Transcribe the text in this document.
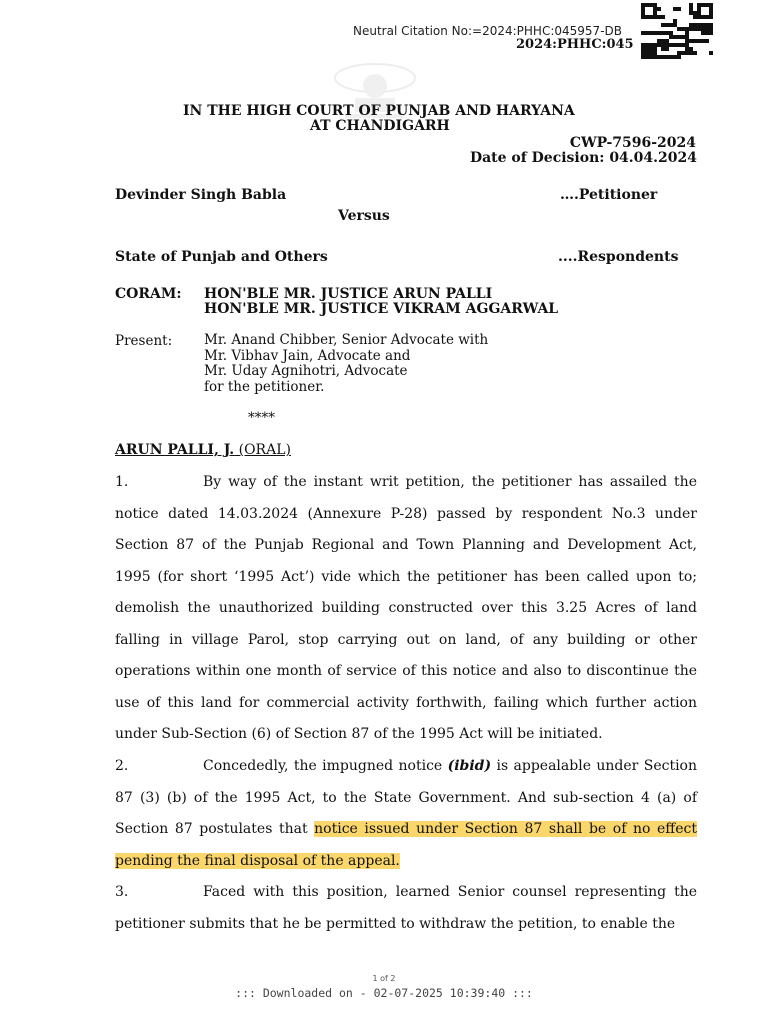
Neutral Citation No:=2024:PHHC:045957-DB
2024:PHHC:045
IN THE HIGH COURT OF PUNJAB AND HARYANA
AT CHANDIGARH
CWP-7596-2024
Date of Decision: 04.04.2024
Devinder Singh Babla	….Petitioner
Versus
State of Punjab and Others	....Respondents
CORAM: HON'BLE MR. JUSTICE ARUN PALLI
HON'BLE MR. JUSTICE VIKRAM AGGARWAL
Present: Mr. Anand Chibber, Senior Advocate with
Mr. Vibhav Jain, Advocate and
Mr. Uday Agnihotri, Advocate
for the petitioner.
****
ARUN PALLI, J. (ORAL)
1.	By way of the instant writ petition, the petitioner has assailed the notice dated 14.03.2024 (Annexure P-28) passed by respondent No.3 under Section 87 of the Punjab Regional and Town Planning and Development Act, 1995 (for short ‘1995 Act’) vide which the petitioner has been called upon to; demolish the unauthorized building constructed over this 3.25 Acres of land falling in village Parol, stop carrying out on land, of any building or other operations within one month of service of this notice and also to discontinue the use of this land for commercial activity forthwith, failing which further action under Sub-Section (6) of Section 87 of the 1995 Act will be initiated.
2.	Concededly, the impugned notice (ibid) is appealable under Section 87 (3) (b) of the 1995 Act, to the State Government. And sub-section 4 (a) of Section 87 postulates that notice issued under Section 87 shall be of no effect pending the final disposal of the appeal.
3.	Faced with this position, learned Senior counsel representing the petitioner submits that he be permitted to withdraw the petition, to enable the
1 of 2
::: Downloaded on - 02-07-2025 10:39:40 :::
